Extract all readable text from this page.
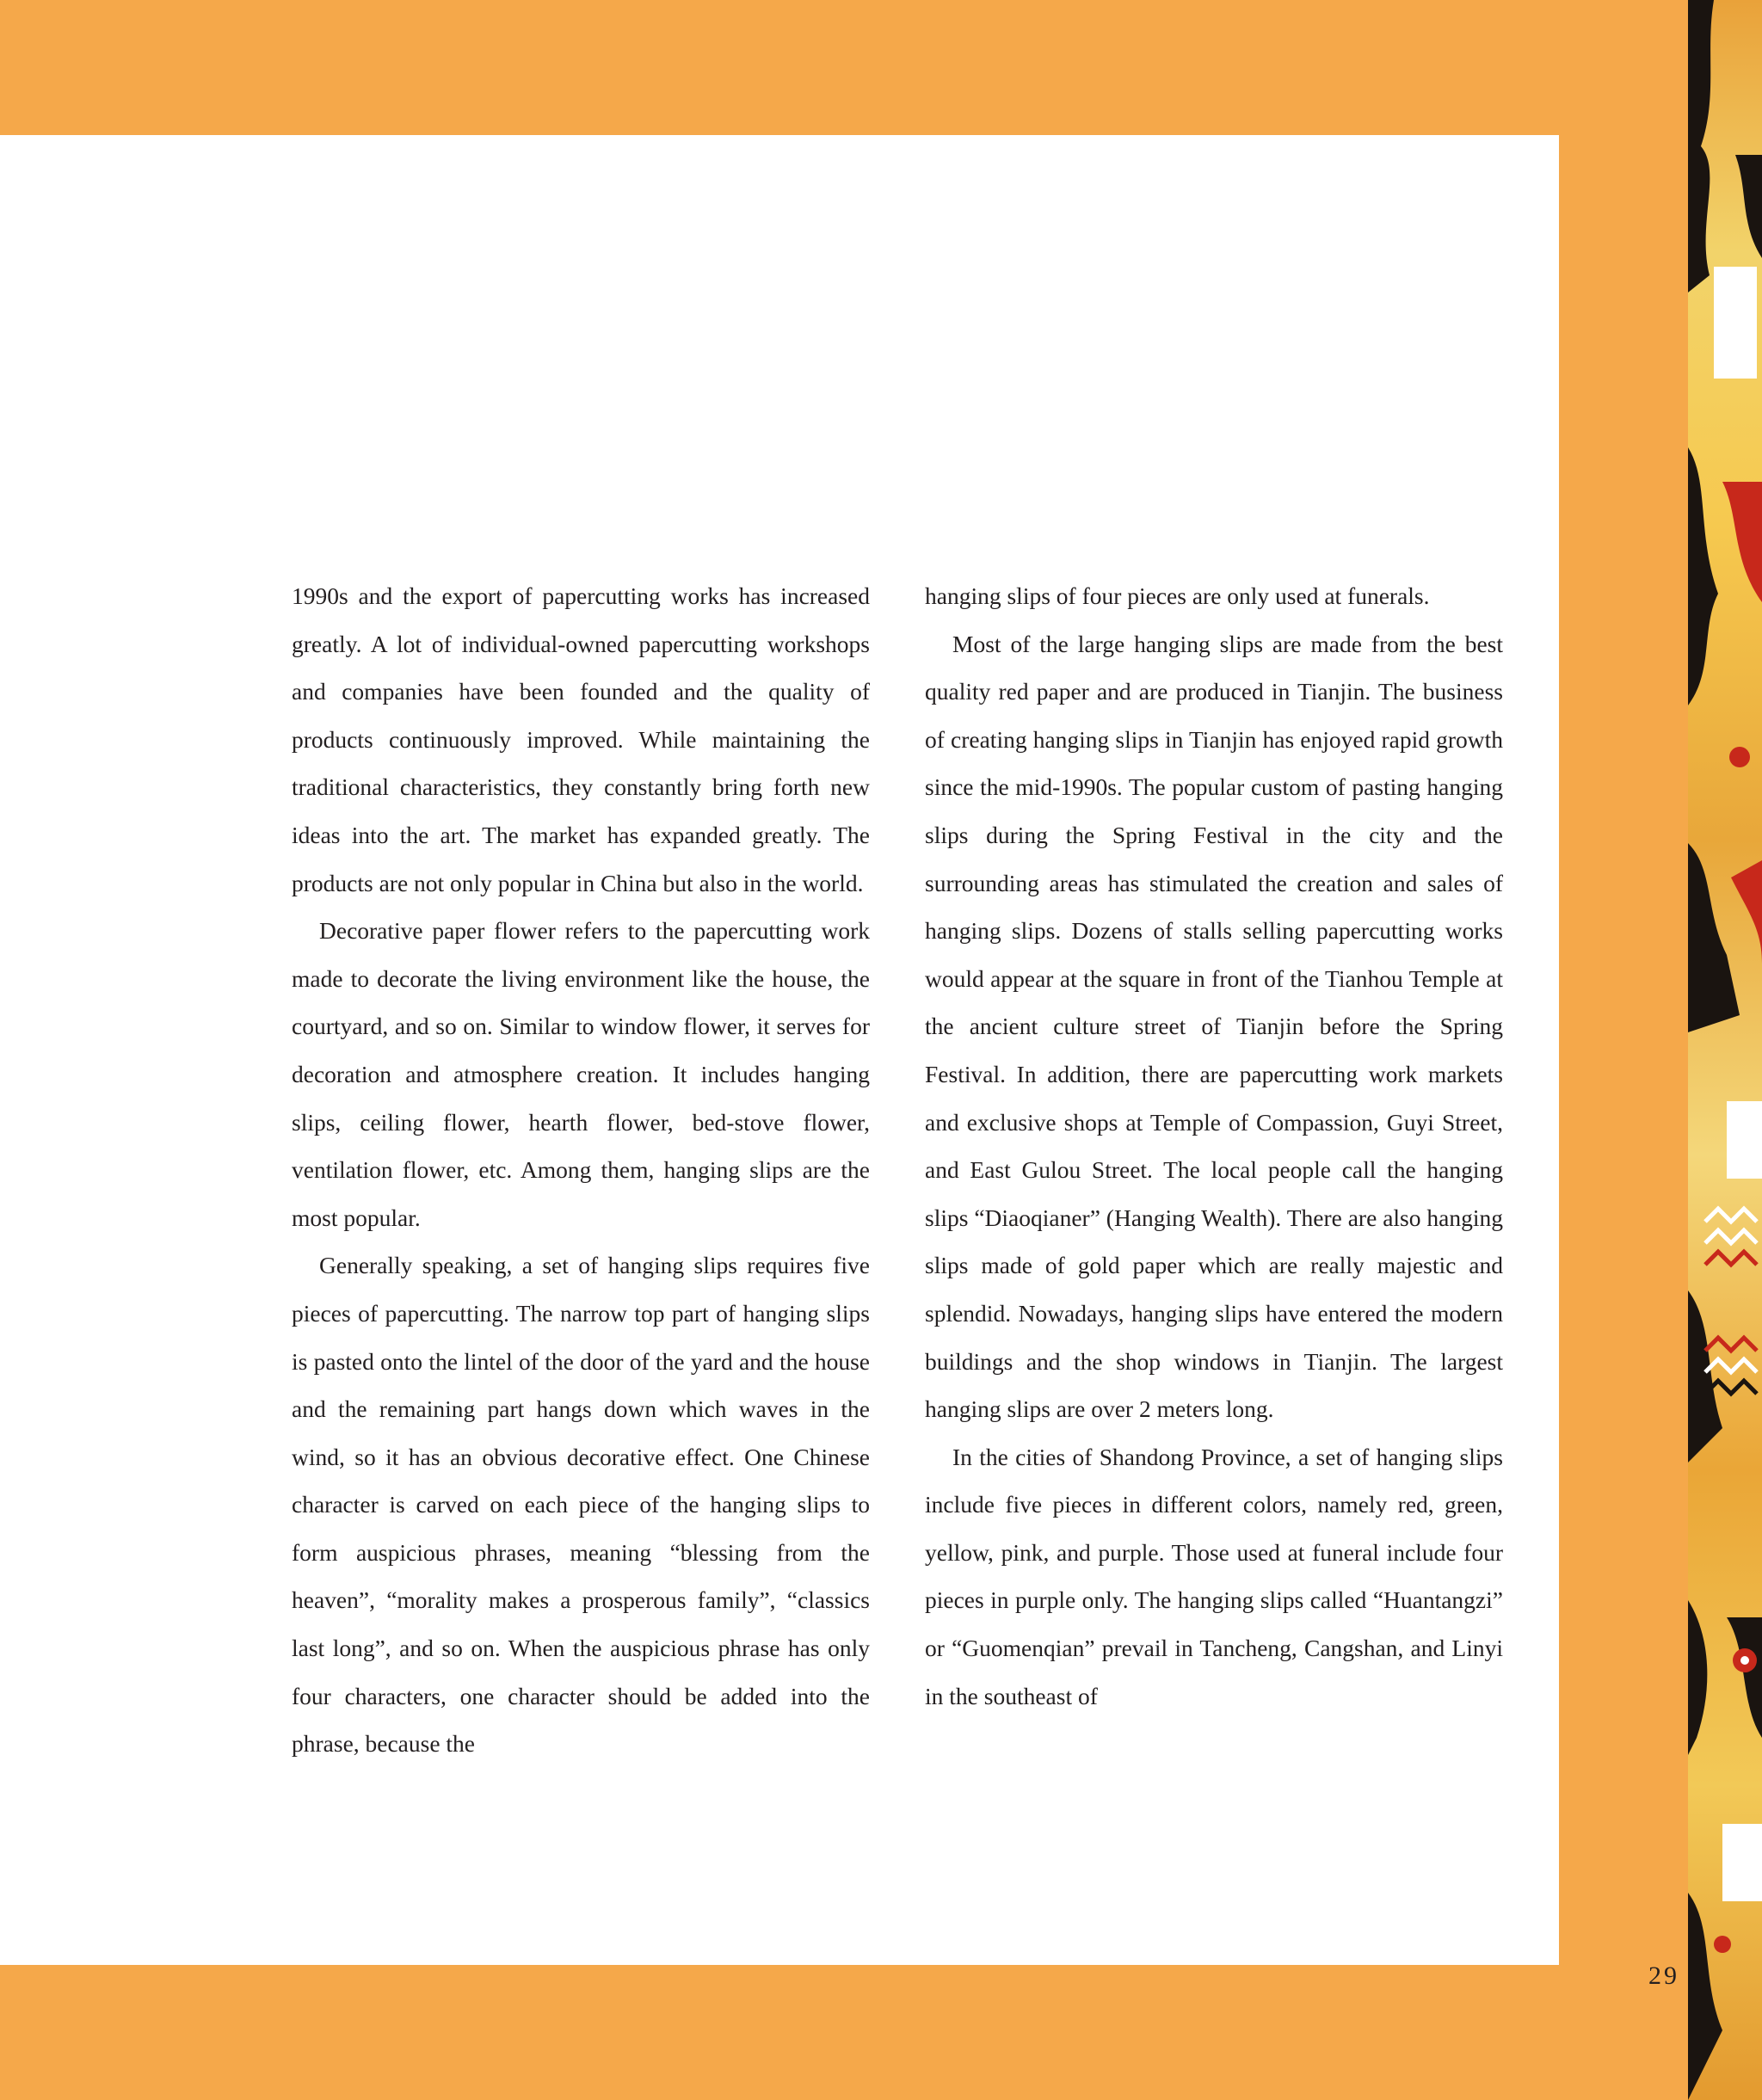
1990s and the export of papercutting works has increased greatly. A lot of individual-owned papercutting workshops and companies have been founded and the quality of products continuously improved. While maintaining the traditional characteristics, they constantly bring forth new ideas into the art. The market has expanded greatly. The products are not only popular in China but also in the world.

Decorative paper flower refers to the papercutting work made to decorate the living environment like the house, the courtyard, and so on. Similar to window flower, it serves for decoration and atmosphere creation. It includes hanging slips, ceiling flower, hearth flower, bed-stove flower, ventilation flower, etc. Among them, hanging slips are the most popular.

Generally speaking, a set of hanging slips requires five pieces of papercutting. The narrow top part of hanging slips is pasted onto the lintel of the door of the yard and the house and the remaining part hangs down which waves in the wind, so it has an obvious decorative effect. One Chinese character is carved on each piece of the hanging slips to form auspicious phrases, meaning “blessing from the heaven”, “morality makes a prosperous family”, “classics last long”, and so on. When the auspicious phrase has only four characters, one character should be added into the phrase, because the

hanging slips of four pieces are only used at funerals.

Most of the large hanging slips are made from the best quality red paper and are produced in Tianjin. The business of creating hanging slips in Tianjin has enjoyed rapid growth since the mid-1990s. The popular custom of pasting hanging slips during the Spring Festival in the city and the surrounding areas has stimulated the creation and sales of hanging slips. Dozens of stalls selling papercutting works would appear at the square in front of the Tianhou Temple at the ancient culture street of Tianjin before the Spring Festival. In addition, there are papercutting work markets and exclusive shops at Temple of Compassion, Guyi Street, and East Gulou Street. The local people call the hanging slips “Diaoqianer” (Hanging Wealth). There are also hanging slips made of gold paper which are really majestic and splendid. Nowadays, hanging slips have entered the modern buildings and the shop windows in Tianjin. The largest hanging slips are over 2 meters long.

In the cities of Shandong Province, a set of hanging slips include five pieces in different colors, namely red, green, yellow, pink, and purple. Those used at funeral include four pieces in purple only. The hanging slips called “Huantangzi” or “Guomenqian” prevail in Tancheng, Cangshan, and Linyi in the southeast of

29
